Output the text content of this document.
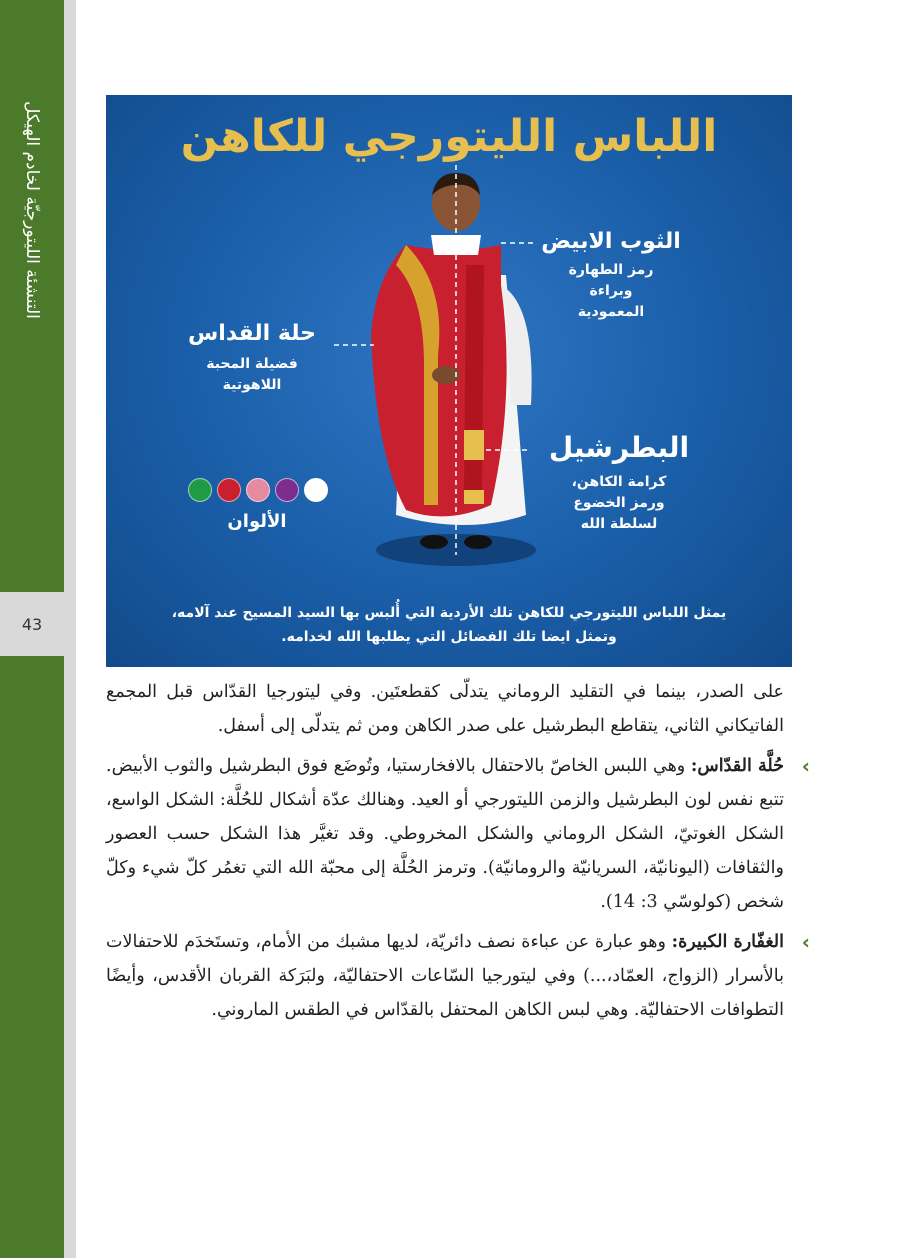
التنشئة الليتورجيّة لخادم الهيكل
43
اللباس الليتورجي للكاهن
الثوب الابيض
رمز الطهارة
وبراءة
المعمودية
حلة القداس
فضيلة المحبة
اللاهوتية
البطرشيل
كرامة الكاهن،
ورمز الخضوع
لسلطة الله
الألوان
يمثل اللباس الليتورجي للكاهن تلك الأردية التي أُلبس بها السيد المسيح عند آلامه،
وتمثل ايضا تلك الفضائل التي يطلبها الله لخدامه.

على الصدر، بينما في التقليد الروماني يتدلّى كقطعتَين. وفي ليتورجيا القدّاس قبل المجمع الفاتيكاني الثاني، يتقاطع البطرشيل على صدر الكاهن ومن ثم يتدلّى إلى أسفل.

›
حُلَّة القدّاس: وهي اللبس الخاصّ بالاحتفال بالافخارستيا، وتُوضَع فوق البطرشيل والثوب الأبيض. تتبع نفس لون البطرشيل والزمن الليتورجي أو العيد. وهنالك عدّة أشكال للحُلَّة: الشكل الواسع، الشكل الغوتيّ، الشكل الروماني والشكل المخروطي. وقد تغيَّر هذا الشكل حسب العصور والثقافات (اليونانيّة، السريانيّة والرومانيّة). وترمز الحُلَّة إلى محبّة الله التي تغمُر كلّ شيء وكلّ شخص (كولوسّي 3: 14).

›
الغفّارة الكبيرة: وهو عبارة عن عباءة نصف دائريّة، لديها مشبك من الأمام، وتستَخدَم للاحتفالات بالأسرار (الزواج، العمّاد،...) وفي ليتورجيا السّاعات الاحتفاليّة، ولبَرَكة القربان الأقدس، وأيضًا التطوافات الاحتفاليّة. وهي لبس الكاهن المحتفل بالقدّاس في الطقس الماروني.
